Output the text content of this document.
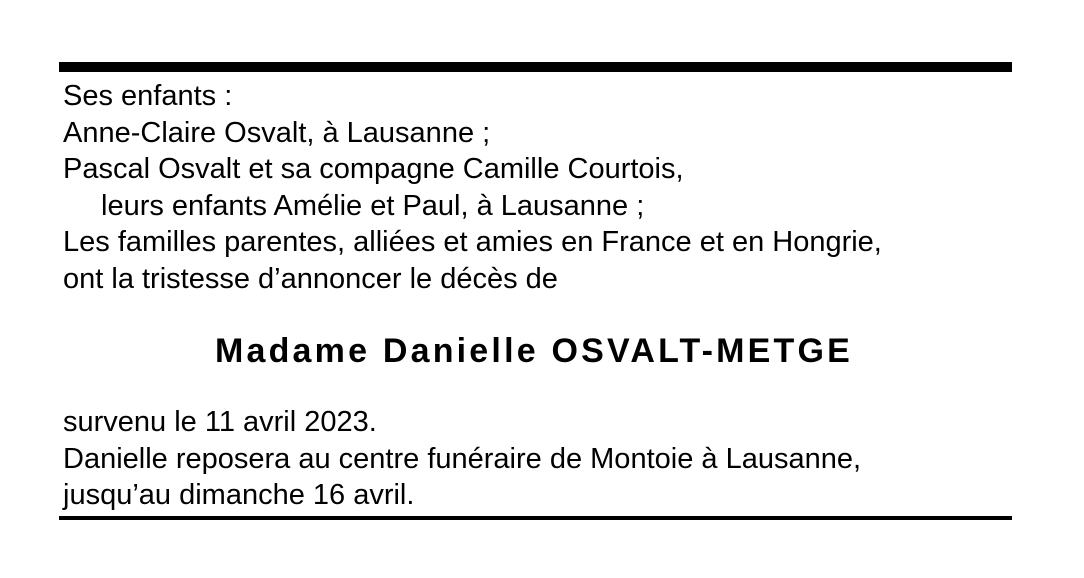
Ses enfants :
Anne-Claire Osvalt, à Lausanne ;
Pascal Osvalt et sa compagne Camille Courtois,
leurs enfants Amélie et Paul, à Lausanne ;
Les familles parentes, alliées et amies en France et en Hongrie,
ont la tristesse d’annoncer le décès de
Madame Danielle OSVALT-METGE
survenu le 11 avril 2023.
Danielle reposera au centre funéraire de Montoie à Lausanne,
jusqu’au dimanche 16 avril.
